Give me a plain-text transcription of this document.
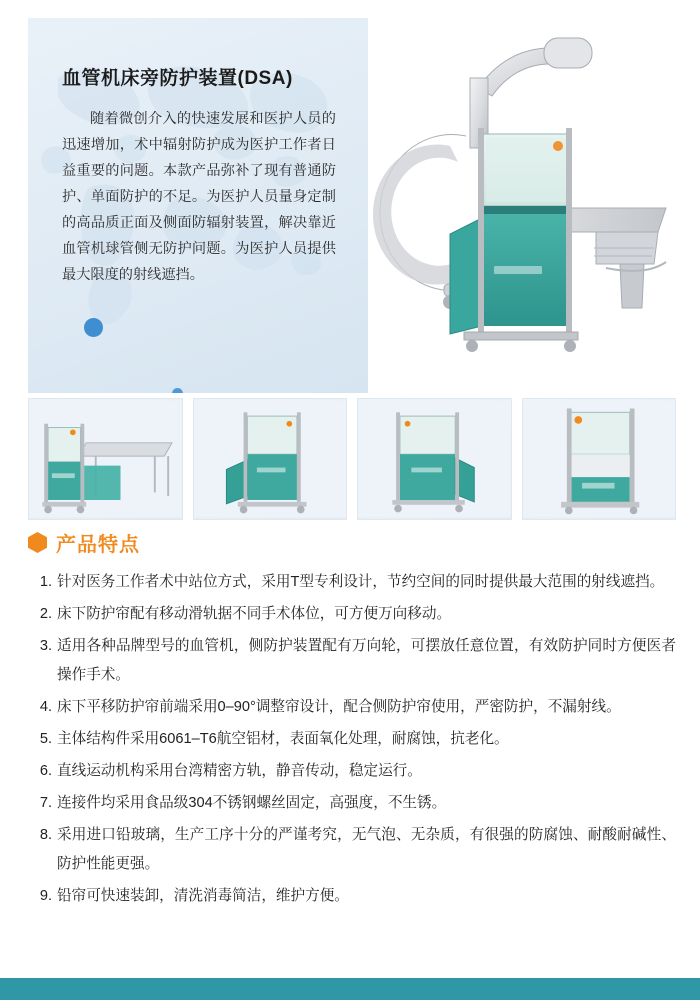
血管机床旁防护装置(DSA)
随着微创介入的快速发展和医护人员的迅速增加，术中辐射防护成为医护工作者日益重要的问题。本款产品弥补了现有普通防护、单面防护的不足。为医护人员量身定制的高品质正面及侧面防辐射装置，解决靠近血管机球管侧无防护问题。为医护人员提供最大限度的射线遮挡。
产品特点
1. 针对医务工作者术中站位方式，采用T型专利设计，节约空间的同时提供最大范围的射线遮挡。
2. 床下防护帘配有移动滑轨据不同手术体位，可方便万向移动。
3. 适用各种品牌型号的血管机，侧防护装置配有万向轮，可摆放任意位置，有效防护同时方便医者操作手术。
4. 床下平移防护帘前端采用0–90°调整帘设计，配合侧防护帘使用，严密防护，不漏射线。
5. 主体结构件采用6061–T6航空铝材，表面氧化处理，耐腐蚀，抗老化。
6. 直线运动机构采用台湾精密方轨，静音传动，稳定运行。
7. 连接件均采用食品级304不锈钢螺丝固定，高强度，不生锈。
8. 采用进口铅玻璃，生产工序十分的严谨考究，无气泡、无杂质，有很强的防腐蚀、耐酸耐碱性、防护性能更强。
9. 铅帘可快速装卸，清洗消毒简洁，维护方便。
